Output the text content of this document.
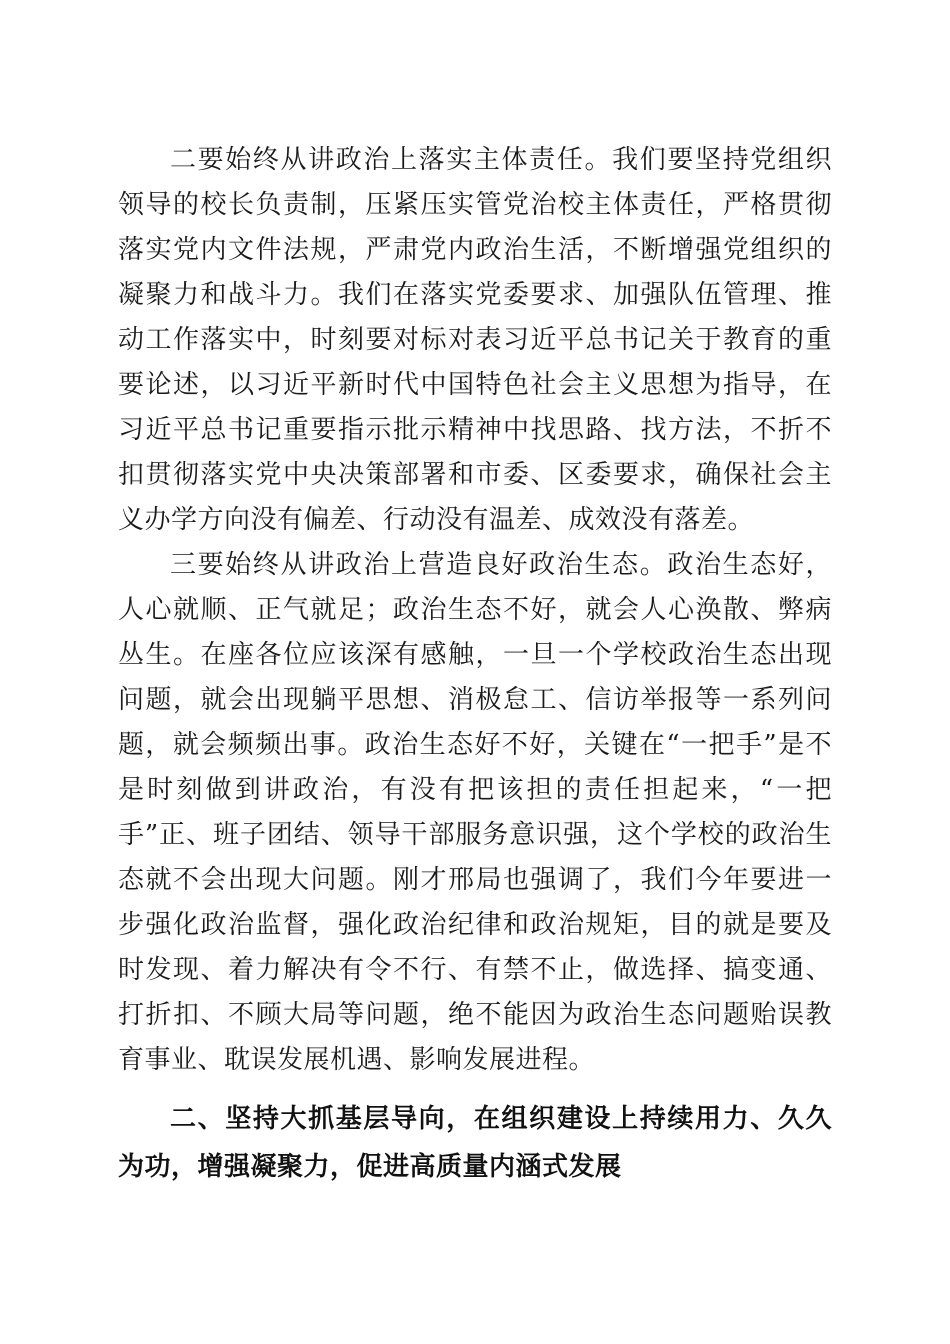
二要始终从讲政治上落实主体责任。我们要坚持党组织领导的校长负责制，压紧压实管党治校主体责任，严格贯彻落实党内文件法规，严肃党内政治生活，不断增强党组织的凝聚力和战斗力。我们在落实党委要求、加强队伍管理、推动工作落实中，时刻要对标对表习近平总书记关于教育的重要论述，以习近平新时代中国特色社会主义思想为指导，在习近平总书记重要指示批示精神中找思路、找方法，不折不扣贯彻落实党中央决策部署和市委、区委要求，确保社会主义办学方向没有偏差、行动没有温差、成效没有落差。

三要始终从讲政治上营造良好政治生态。政治生态好，人心就顺、正气就足；政治生态不好，就会人心涣散、弊病丛生。在座各位应该深有感触，一旦一个学校政治生态出现问题，就会出现躺平思想、消极怠工、信访举报等一系列问题，就会频频出事。政治生态好不好，关键在“一把手”是不是时刻做到讲政治，有没有把该担的责任担起来，“一把手”正、班子团结、领导干部服务意识强，这个学校的政治生态就不会出现大问题。刚才邢局也强调了，我们今年要进一步强化政治监督，强化政治纪律和政治规矩，目的就是要及时发现、着力解决有令不行、有禁不止，做选择、搞变通、打折扣、不顾大局等问题，绝不能因为政治生态问题贻误教育事业、耽误发展机遇、影响发展进程。

二、坚持大抓基层导向，在组织建设上持续用力、久久为功，增强凝聚力，促进高质量内涵式发展
